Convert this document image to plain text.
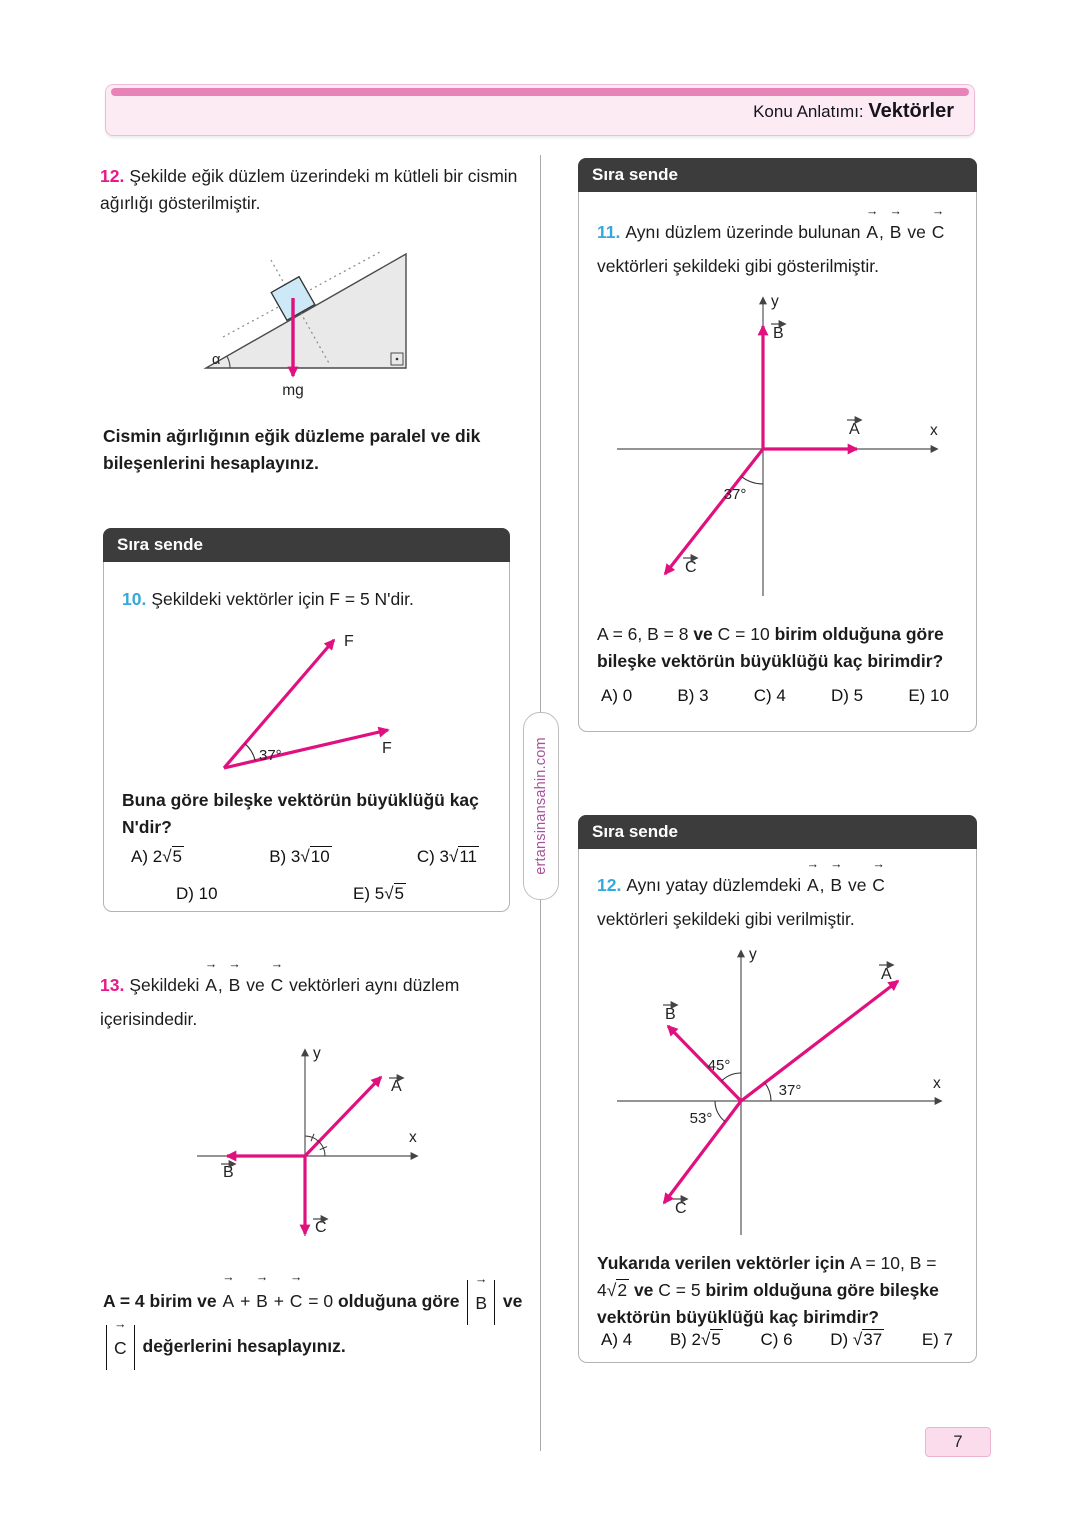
Konu Anlatımı: Vektörler
12. Şekilde eğik düzlem üzerindeki m kütleli bir cismin ağırlığı gösterilmiştir.
α
mg
Cismin ağırlığının eğik düzleme paralel ve dik bileşenlerini hesaplayınız.
Sıra sende
10. Şekildeki vektörler için F = 5 N'dir.
37°
F
F
Buna göre bileşke vektörün büyüklüğü kaç N'dir?
A) 2 √ 5	B) 3 √ 10	C) 3 √ 11
D) 10	E) 5 √ 5
13. Şekildeki → A, → B ve → C vektörleri aynı düzlem içerisindedir.
y
x
A
B
C
A = 4 birim ve → A + → B + → C = 0 olduğuna göre → B ve → C değerlerini hesaplayınız.
ertansinansahin.com
Sıra sende
11. Aynı düzlem üzerinde bulunan → A, → B ve → C vektörleri şekildeki gibi gösterilmiştir.
y
x
B
A
C
37°
A = 6, B = 8 ve C = 10 birim olduğuna göre bileşke vektörün büyüklüğü kaç birimdir?
A) 0	B) 3	C) 4	D) 5	E) 10
Sıra sende
12. Aynı yatay düzlemdeki → A, → B ve → C vektörleri şekildeki gibi verilmiştir.
y
x
A
B
C
45°
37°
53°
Yukarıda verilen vektörler için A = 10, B = 4 √ 2 ve C = 5 birim olduğuna göre bileşke vektörün büyüklüğü kaç birimdir?
A) 4 B) 2 √ 5 C) 6 D) √ 37 E) 7
7
